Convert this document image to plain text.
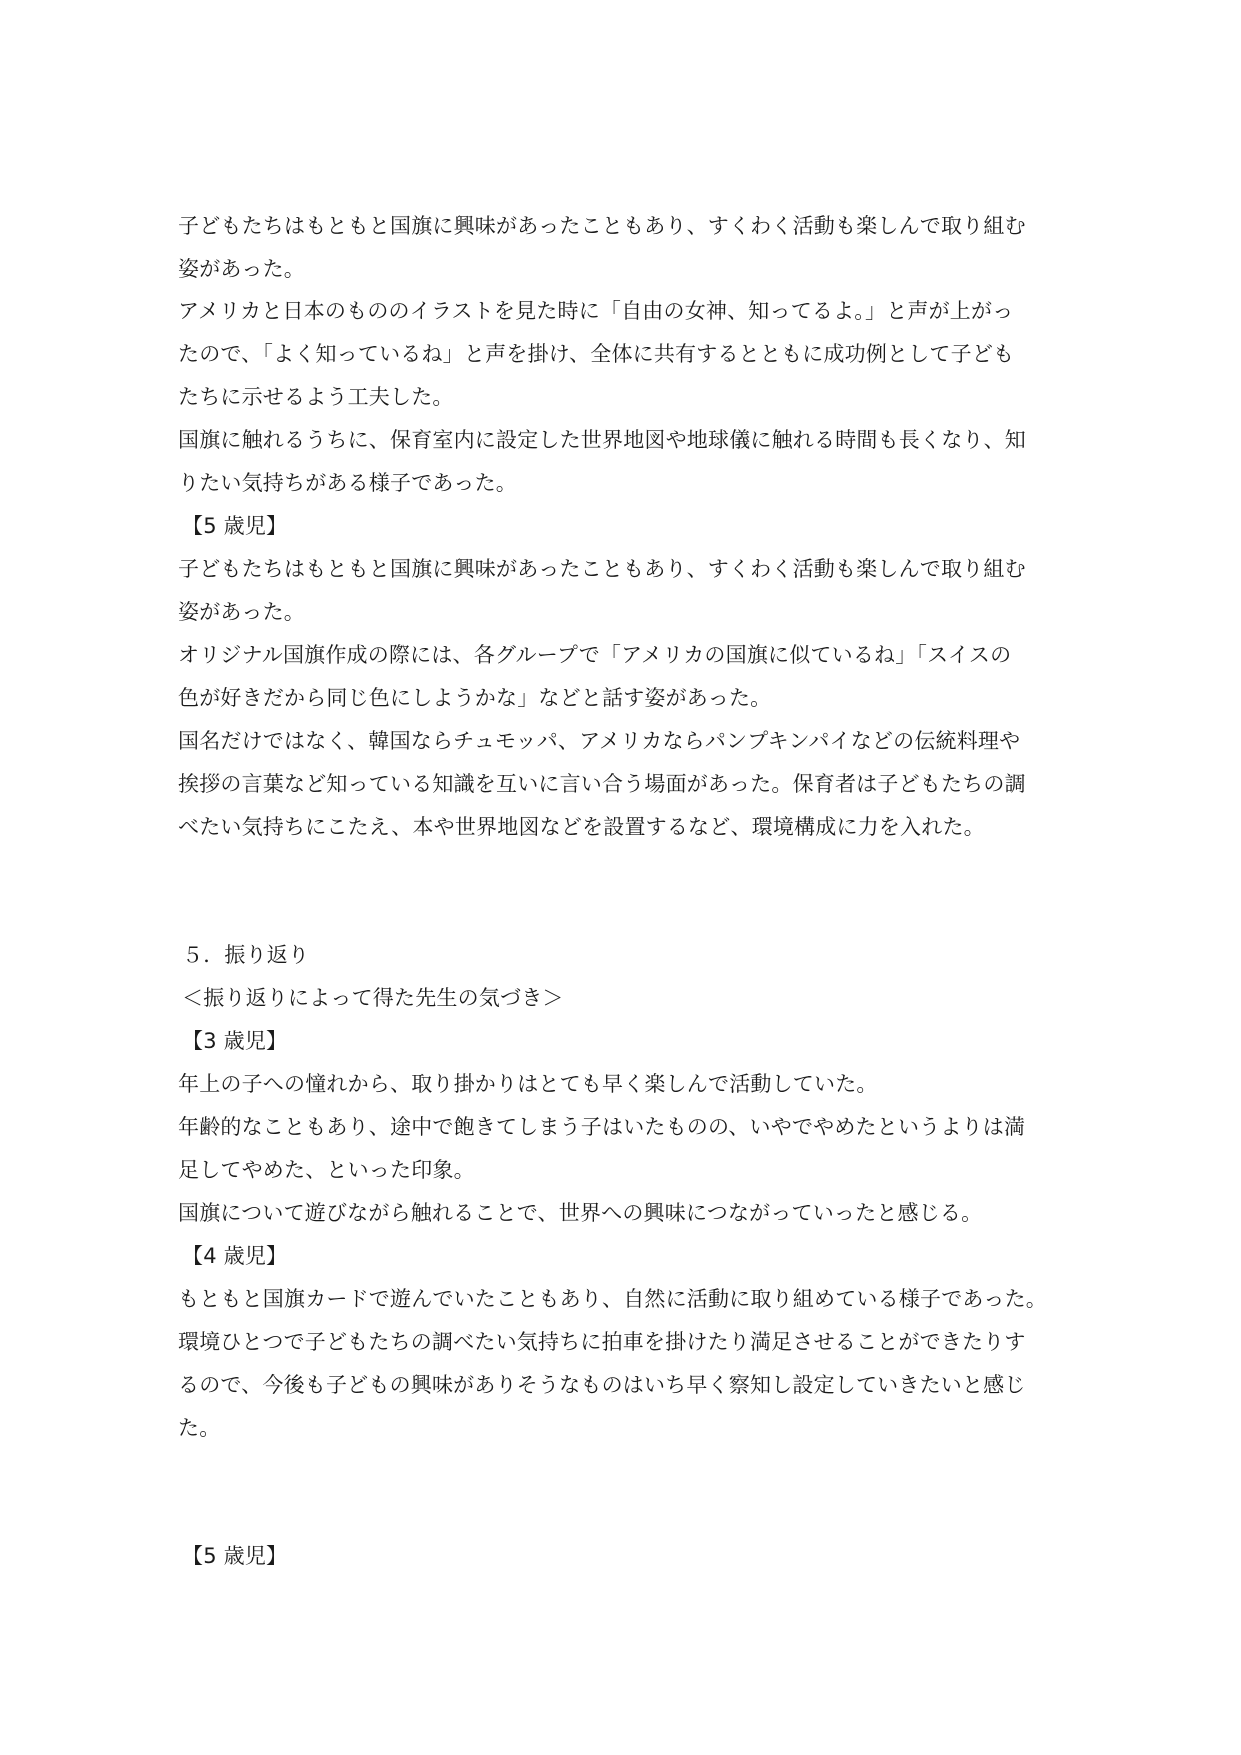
子どもたちはもともと国旗に興味があったこともあり、すくわく活動も楽しんで取り組む
姿があった。
アメリカと日本のもののイラストを見た時に「自由の女神、知ってるよ。」と声が上がっ
たので、「よく知っているね」と声を掛け、全体に共有するとともに成功例として子ども
たちに示せるよう工夫した。
国旗に触れるうちに、保育室内に設定した世界地図や地球儀に触れる時間も長くなり、知
りたい気持ちがある様子であった。
【5 歳児】
子どもたちはもともと国旗に興味があったこともあり、すくわく活動も楽しんで取り組む
姿があった。
オリジナル国旗作成の際には、各グループで「アメリカの国旗に似ているね」「スイスの
色が好きだから同じ色にしようかな」などと話す姿があった。
国名だけではなく、韓国ならチュモッパ、アメリカならパンプキンパイなどの伝統料理や
挨拶の言葉など知っている知識を互いに言い合う場面があった。保育者は子どもたちの調
べたい気持ちにこたえ、本や世界地図などを設置するなど、環境構成に力を入れた。
５．振り返り
＜振り返りによって得た先生の気づき＞
【3 歳児】
年上の子への憧れから、取り掛かりはとても早く楽しんで活動していた。
年齢的なこともあり、途中で飽きてしまう子はいたものの、いやでやめたというよりは満
足してやめた、といった印象。
国旗について遊びながら触れることで、世界への興味につながっていったと感じる。
【4 歳児】
もともと国旗カードで遊んでいたこともあり、自然に活動に取り組めている様子であった。
環境ひとつで子どもたちの調べたい気持ちに拍車を掛けたり満足させることができたりす
るので、今後も子どもの興味がありそうなものはいち早く察知し設定していきたいと感じ
た。
【5 歳児】
